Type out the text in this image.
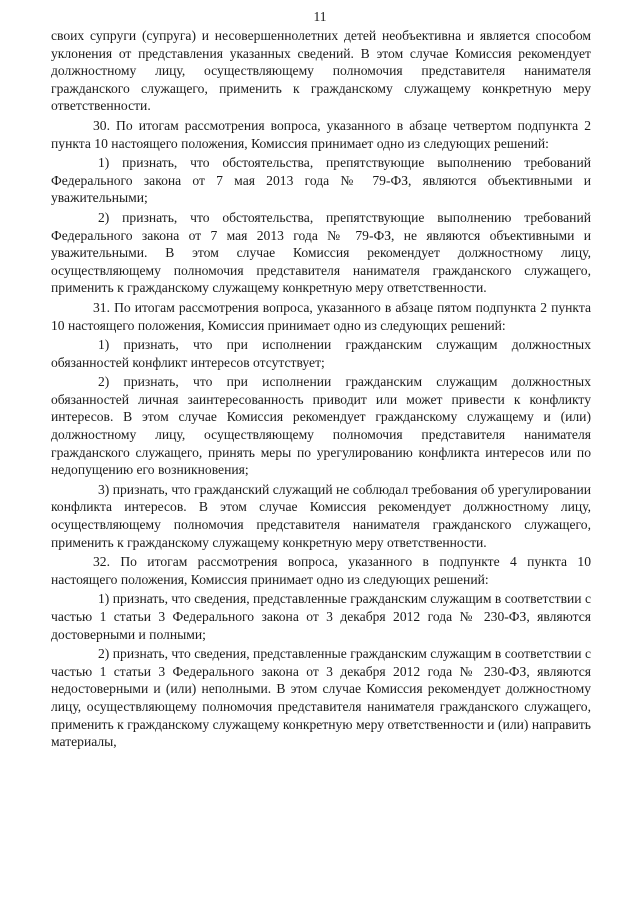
11

своих супруги (супруга) и несовершеннолетних детей необъективна и является способом уклонения от представления указанных сведений. В этом случае Комиссия рекомендует должностному лицу, осуществляющему полномочия представителя нанимателя гражданского служащего, применить к гражданскому служащему конкретную меру ответственности.

30. По итогам рассмотрения вопроса, указанного в абзаце четвертом подпункта 2 пункта 10 настоящего положения, Комиссия принимает одно из следующих решений:

1) признать, что обстоятельства, препятствующие выполнению требований Федерального закона от 7 мая 2013 года № 79-ФЗ, являются объективными и уважительными;

2) признать, что обстоятельства, препятствующие выполнению требований Федерального закона от 7 мая 2013 года № 79-ФЗ, не являются объективными и уважительными. В этом случае Комиссия рекомендует должностному лицу, осуществляющему полномочия представителя нанимателя гражданского служащего, применить к гражданскому служащему конкретную меру ответственности.

31. По итогам рассмотрения вопроса, указанного в абзаце пятом подпункта 2 пункта 10 настоящего положения, Комиссия принимает одно из следующих решений:

1) признать, что при исполнении гражданским служащим должностных обязанностей конфликт интересов отсутствует;

2) признать, что при исполнении гражданским служащим должностных обязанностей личная заинтересованность приводит или может привести к конфликту интересов. В этом случае Комиссия рекомендует гражданскому служащему и (или) должностному лицу, осуществляющему полномочия представителя нанимателя гражданского служащего, принять меры по урегулированию конфликта интересов или по недопущению его возникновения;

3) признать, что гражданский служащий не соблюдал требования об урегулировании конфликта интересов. В этом случае Комиссия рекомендует должностному лицу, осуществляющему полномочия представителя нанимателя гражданского служащего, применить к гражданскому служащему конкретную меру ответственности.

32. По итогам рассмотрения вопроса, указанного в подпункте 4 пункта 10 настоящего положения, Комиссия принимает одно из следующих решений:

1) признать, что сведения, представленные гражданским служащим в соответствии с частью 1 статьи 3 Федерального закона от 3 декабря 2012 года № 230-ФЗ, являются достоверными и полными;

2) признать, что сведения, представленные гражданским служащим в соответствии с частью 1 статьи 3 Федерального закона от 3 декабря 2012 года № 230-ФЗ, являются недостоверными и (или) неполными. В этом случае Комиссия рекомендует должностному лицу, осуществляющему полномочия представителя нанимателя гражданского служащего, применить к гражданскому служащему конкретную меру ответственности и (или) направить материалы,
